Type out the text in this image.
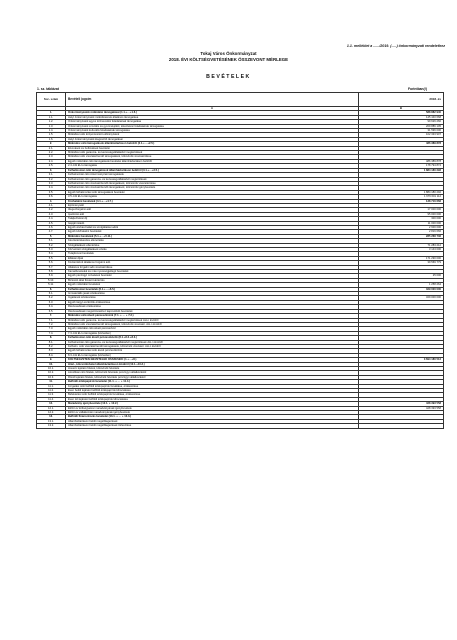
1.1. melléklet a ....../2019. (.....) önkormányzati rendelethez
Tokaj Város Önkormányzat
2018. ÉVI KÖLTSÉGVETÉSÉNEK ÖSSZEVONT MÉRLEGE
BEVÉTELEK
1. sz. táblázat	Forintban(!)
Sor- szám	Bevételi jogcím	2018. év
	A	B
1.	Önkormányzatok működési támogatásai (1.1.+…+1.6.)	588 882 940
1.1.	Helyi önkormányzatok működésének általános támogatása	145 440 668
1.2.	Önkormányzatok egyes köznevelési feladatainak támogatása	99 626 260
1.3.	Önkormányzatok szociális és gyermekjóléti, étkeztetési feladatainak támogatása	209 886 105
1.4.	Önkormányzatok kulturális feladatainak támogatása	31 596 000
1.5.	Működési célú központosított előirányzatok	102 333 907
1.6.	Helyi önkormányzatok kiegészítő támogatásai	
2.	Működési célú támogatások államháztartáson belülről (2.1.+…+2.5.)	486 389 878
2.1.	Elvonások és befizetések bevételei	
2.2.	Működési célú garancia- és kezességvállalásból megtérülések	
2.3.	Működési célú visszatérítendő támogatások, kölcsönök visszatérülése	
2.4.	Egyéb működési célú támogatások bevételei államháztartáson belülről	486 389 878
2.5.	2.4.-ből EU-s támogatás	178 794 874
3.	Felhalmozási célú támogatások államháztartáson belülről (3.1.+…+3.5.)	1 884 180 292
3.1.	Felhalmozási célú önkormányzati támogatások	
3.2.	Felhalmozási célú garancia- és kezességvállalásból megtérülések	
3.3.	Felhalmozási célú visszatérítendő támogatások, kölcsönök visszatérülése	
3.4.	Felhalmozási célú visszatérítendő támogatások, kölcsönök igénybevétele	
3.5.	Egyéb felhalmozási célú támogatások bevételei	1 884 180 292
3.6.	3.5.-ből EU-s támogatás	1 676 601 112
4.	Közhatalmi bevételek (4.1.+…+4.7.)	138 716 666
4.1.	Építményadó	
4.2.	Idegenforgalmi adó	17 000 000
4.3.	Iparűzési adó	95 000 000
4.4.	Talajterhelési díj	300 000
4.5.	Gépjárműadó	11 000 000
4.6.	Egyéb áruhasználati és szolgáltatási adók	2 600 000
4.7.	Egyéb közhatalmi bevételek	2 816 666
5.	Működési bevételek (5.1.+…+5.11.)	285 268 736
5.1.	Készletértékesítés ellenértéke	
5.2.	Szolgáltatások ellenértéke	71 283 212
5.3.	Közvetített szolgáltatások értéke	3 143 000
5.4.	Tulajdonosi bevételek	
5.5.	Ellátási díjak	171 290 000
5.6.	Kiszámlázott általános forgalmi adó	39 569 779
5.7.	Általános forgalmi adó visszatérülése	
5.8.	Kamatbevételek és más nyereségjellegű bevételek	
5.9.	Egyéb pénzügyi műveletek bevételei	25 000
5.10.	Biztosító által fizetett kártérítés	
5.11.	Egyéb működési bevételek	1 258 264
6.	Felhalmozási bevételek (6.1.+…+6.5.)	329 000 000
6.1.	Immateriális javak értékesítése	
6.2.	Ingatlanok értékesítése	329 000 000
6.3.	Egyéb tárgyi eszközök értékesítése	
6.4.	Részesedések értékesítése	
6.5.	Részesedések megszűnéséhez kapcsolódó bevételek	
7.	Működési célú átvett pénzeszközök (7.1. + … + 7.3.)	
7.1.	Működési célú garancia- és kezességvállalásból megtérülések ÁH-n kívülről	
7.2.	Működési célú visszatérítendő támogatások, kölcsönök visszatér. ÁH-n kívülről	
7.3.	Egyéb működési célú átvett pénzeszköz	
7.4.	7.3.-ból EU-s támogatás (közvetlen)	
8.	Felhalmozási célú átvett pénzeszközök (8.1.+8.2.+8.3.)	
8.1.	Felhalmozási célú garancia- és kezességvállalásból megtérülések ÁH-n kívülről	
8.2.	Felhalm. célú visszatérítendő támogatások, kölcsönök visszatér. ÁH-n kívülről	
8.3.	Egyéb felhalmozási célú átvett pénzeszközök	
8.4.	8.3.-ból EU-s támogatás (közvetlen)	
9.	KÖLTSÉGVETÉSI BEVÉTELEK ÖSSZESEN: (1.+…+8.)	3 694 180 512
10.	Hitel-, kölcsönfelvétel államháztartáson kívülről (10.1.+10.3.)	
10.1.	Hosszú lejáratú hitelek, kölcsönök felvétele	
10.2.	Likviditási célú hitelek, kölcsönök felvétele pénzügyi vállalkozástól	
10.3.	Rövid lejáratú hitelek, kölcsönök felvétele pénzügyi vállalkozástól	
11.	Belföldi értékpapírok bevételei (11.1. + … + 11.4.)	
11.1.	Forgatási célú belföldi értékpapírok beváltása, értékesítése	
11.2.	Éven belüli lejáratú belföldi értékpapírok kibocsátása	
11.3.	Befektetési célú belföldi értékpapírok beváltása, értékesítése	
11.4.	Éven túli lejáratú belföldi értékpapírok kibocsátása	
12.	Maradvány igénybevétele (12.1. + 12.2.)	428 393 558
12.1.	Előző év költségvetési maradványának igénybevétele	428 393 558
12.2.	Előző év vállalkozási maradványának igénybevétele	
13.	Belföldi finanszírozás bevételei (13.1. + … + 13.3.)	
13.1.	Államháztartáson belüli megelőlegezések	
13.2.	Államháztartáson belüli megelőlegezések törlesztése	
